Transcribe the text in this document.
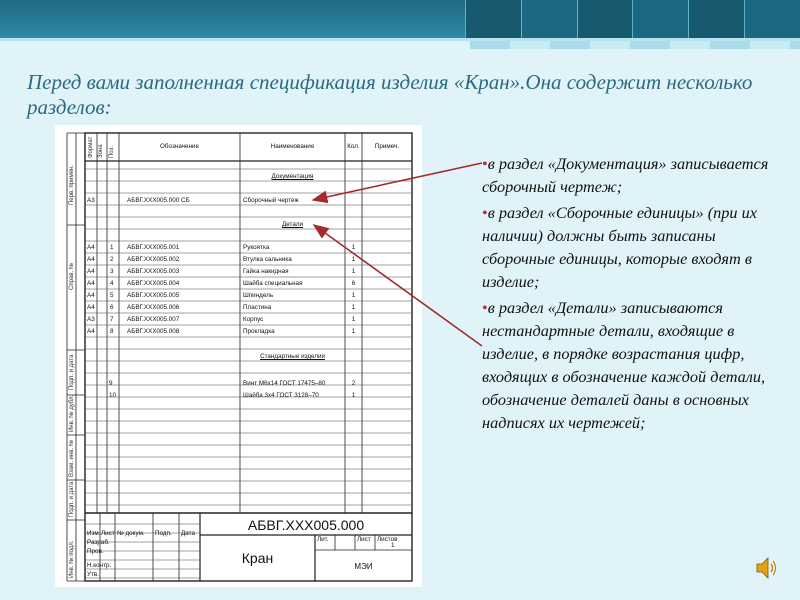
Перед вами заполненная спецификация изделия «Кран».Она содержит несколько разделов:
Формат Зона Поз.	Обозначение	Наименование	Кол.	Примеч.
Перв. примен.
Справ. №
Подп. и дата
Инв. № дубл.
Взам. инв. №
Подп. и дата
Инв. № подл.
Документация
А3	АБВГ.ХХХ005.000 СБ	Сборочный чертеж
Детали
А4 1 АБВГ.ХХХ005.001	Рукоятка	1
А4 2 АБВГ.ХХХ005.002	Втулка сальника	1
А4 3 АБВГ.ХХХ005.003	Гайка накидная	1
А4 4 АБВГ.ХХХ005.004	Шайба специальная	6
А4 5 АБВГ.ХХХ005.005	Шпиндель	1
А4 6 АБВГ.ХХХ005.006	Пластина	1
А3 7 АБВГ.ХХХ005.007	Корпус	1
А4 8 АБВГ.ХХХ005.008	Прокладка	1
Стандартные изделия
9	Винт М6х14 ГОСТ 17475–80	2
10	Шайба 3х4 ГОСТ 3128–70	1
АБВГ.ХХХ005.000
Кран
МЭИ
Лит.	Лист Листов
1
Изм. Лист № докум. Подп. Дата
Разраб.
Пров.
Н.контр.
Утв.

•в раздел «Документация» записывается сборочный чертеж;

•в раздел «Сборочные единицы» (при их наличии) должны быть записаны сборочные единицы, которые входят в изделие;

•в раздел «Детали» записываются нестандартные детали, входящие в изделие, в порядке возрастания цифр, входящих в обозначение каждой детали, обозначение деталей даны в основных надписях их чертежей;
